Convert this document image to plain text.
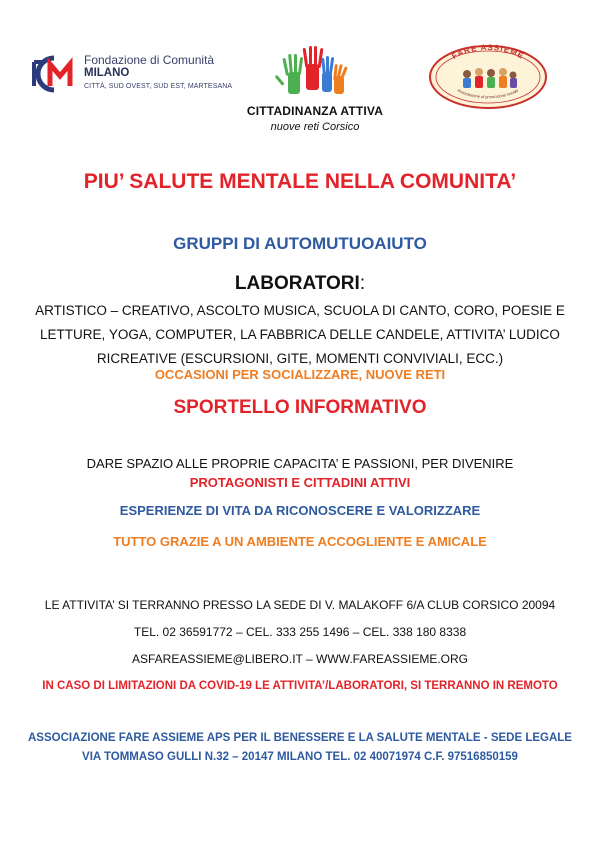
Fondazione di Comunità
MILANO
CITTÀ, SUD OVEST, SUD EST, MARTESANA
CITTADINANZA ATTIVA
nuove reti Corsico
FARE ASSIEME
Associazione di promozione sociale
PIU’ SALUTE MENTALE NELLA COMUNITA’
GRUPPI DI AUTOMUTUOAIUTO
LABORATORI:
ARTISTICO – CREATIVO, ASCOLTO MUSICA, SCUOLA DI CANTO, CORO, POESIE E
LETTURE, YOGA, COMPUTER, LA FABBRICA DELLE CANDELE, ATTIVITA’ LUDICO
RICREATIVE (ESCURSIONI, GITE, MOMENTI CONVIVIALI, ECC.)
OCCASIONI PER SOCIALIZZARE, NUOVE RETI
SPORTELLO INFORMATIVO
DARE SPAZIO ALLE PROPRIE CAPACITA’ E PASSIONI, PER DIVENIRE
PROTAGONISTI E CITTADINI ATTIVI
ESPERIENZE DI VITA DA RICONOSCERE E VALORIZZARE
TUTTO GRAZIE A UN AMBIENTE ACCOGLIENTE E AMICALE
LE ATTIVITA’ SI TERRANNO PRESSO LA SEDE DI V. MALAKOFF 6/A CLUB CORSICO 20094
TEL. 02 36591772 – CEL. 333 255 1496 – CEL. 338 180 8338
ASFAREASSIEME@LIBERO.IT – WWW.FAREASSIEME.ORG
IN CASO DI LIMITAZIONI DA COVID-19 LE ATTIVITA’/LABORATORI, SI TERRANNO IN REMOTO
ASSOCIAZIONE FARE ASSIEME APS PER IL BENESSERE E LA SALUTE MENTALE - SEDE LEGALE
VIA TOMMASO GULLI N.32 – 20147 MILANO TEL. 02 40071974 C.F. 97516850159
